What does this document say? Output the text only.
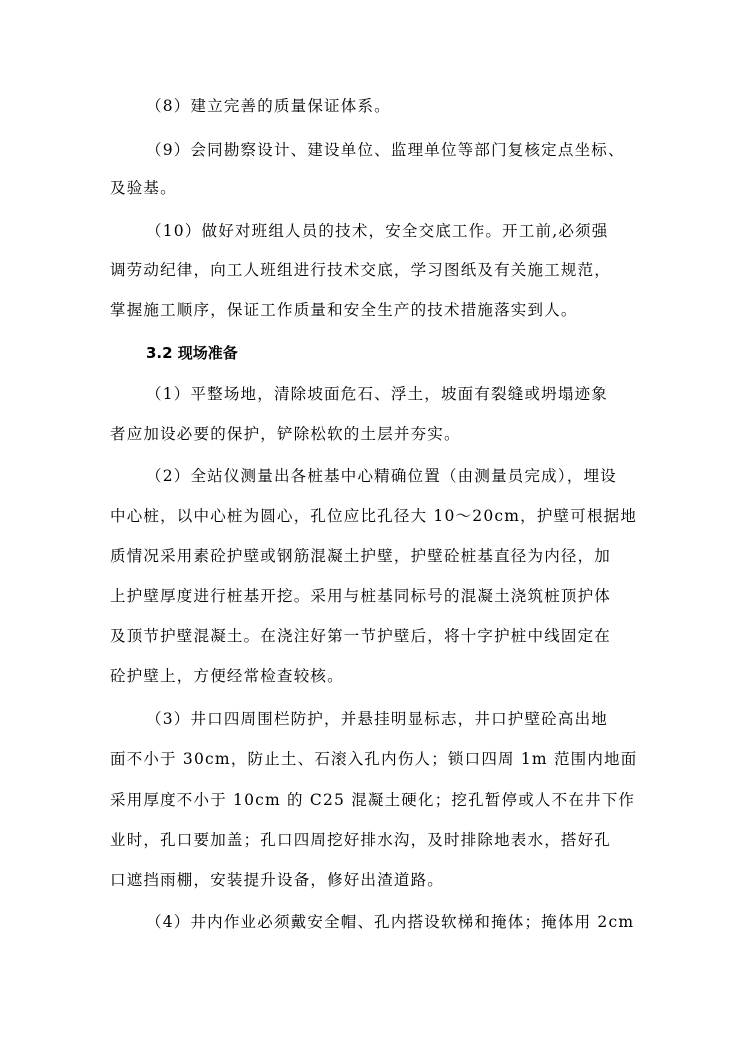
（8）建立完善的质量保证体系。
（9）会同勘察设计、建设单位、监理单位等部门复核定点坐标、
及验基。
（10）做好对班组人员的技术，安全交底工作。开工前,必须强
调劳动纪律，向工人班组进行技术交底，学习图纸及有关施工规范，
掌握施工顺序，保证工作质量和安全生产的技术措施落实到人。
3.2 现场准备
（1）平整场地，清除坡面危石、浮土，坡面有裂缝或坍塌迹象
者应加设必要的保护，铲除松软的土层并夯实。
（2）全站仪测量出各桩基中心精确位置（由测量员完成），埋设
中心桩，以中心桩为圆心，孔位应比孔径大 10～20cm，护壁可根据地
质情况采用素砼护壁或钢筋混凝土护壁，护壁砼桩基直径为内径，加
上护壁厚度进行桩基开挖。采用与桩基同标号的混凝土浇筑桩顶护体
及顶节护壁混凝土。在浇注好第一节护壁后，将十字护桩中线固定在
砼护壁上，方便经常检查较核。
（3）井口四周围栏防护，并悬挂明显标志，井口护壁砼高出地
面不小于 30cm，防止土、石滚入孔内伤人；锁口四周 1m 范围内地面
采用厚度不小于 10cm 的 C25 混凝土硬化；挖孔暂停或人不在井下作
业时，孔口要加盖；孔口四周挖好排水沟，及时排除地表水，搭好孔
口遮挡雨棚，安装提升设备，修好出渣道路。
（4）井内作业必须戴安全帽、孔内搭设软梯和掩体；掩体用 2cm
